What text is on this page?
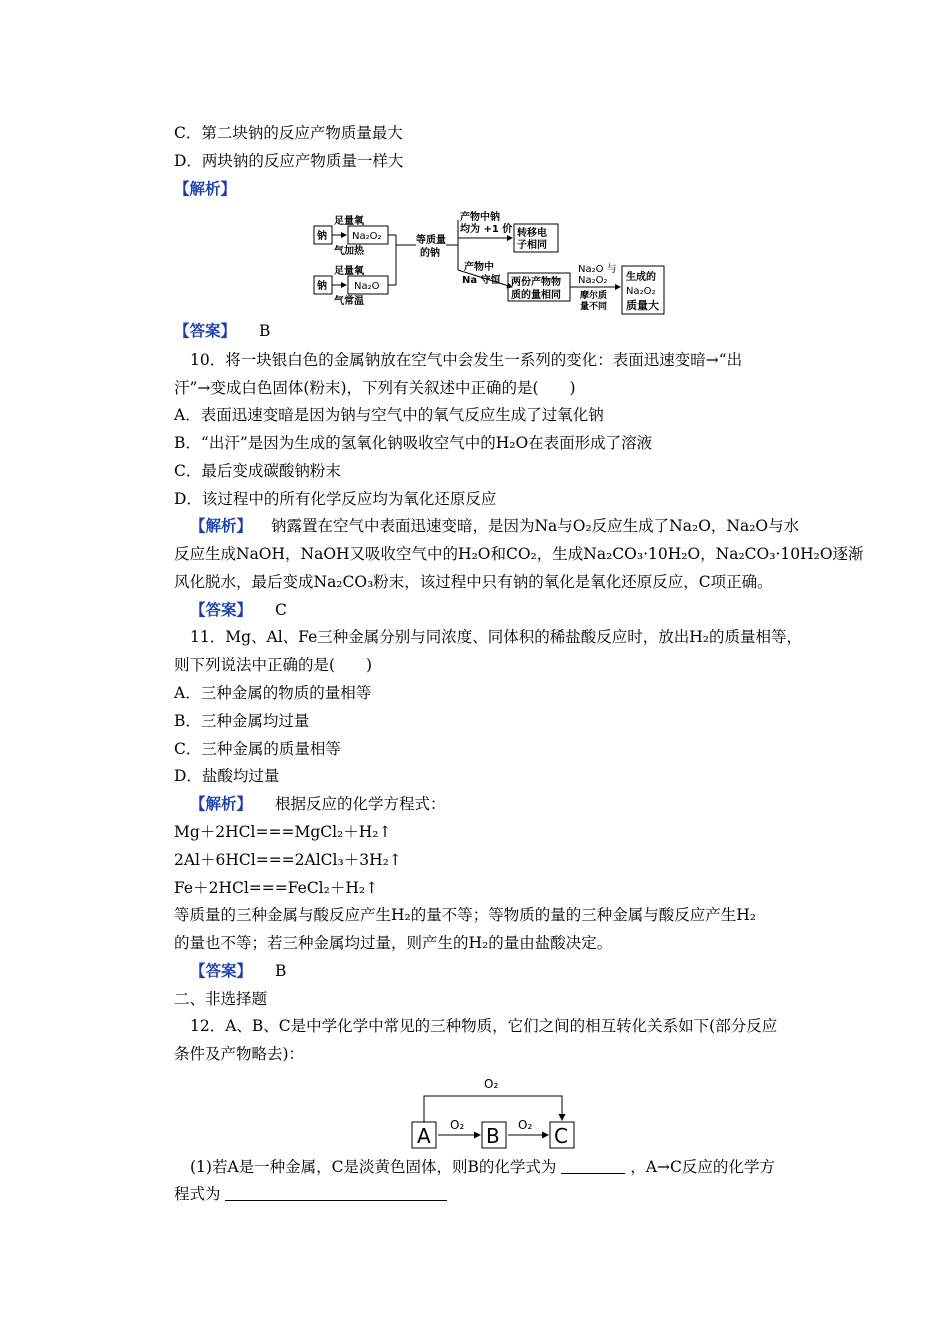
C．第二块钠的反应产物质量最大
D．两块钠的反应产物质量一样大
【解析】
钠
钠
足量氧
气加热
足量氧
气常温
Na₂O₂
Na₂O
等质量
的钠
产物中钠
均为 +1 价 转移电
子相同
产物中
Na 守恒 两份产物物
质的量相同
Na₂O 与
Na₂O₂
摩尔质
量不同
生成的
Na₂O₂
质量大
【答案】 B
10．将一块银白色的金属钠放在空气中会发生一系列的变化：表面迅速变暗→“出
汗”→变成白色固体(粉末)，下列有关叙述中正确的是(　　)
A．表面迅速变暗是因为钠与空气中的氧气反应生成了过氧化钠
B．“出汗”是因为生成的氢氧化钠吸收空气中的H₂O在表面形成了溶液
C．最后变成碳酸钠粉末
D．该过程中的所有化学反应均为氧化还原反应
【解析】 钠露置在空气中表面迅速变暗，是因为Na与O₂反应生成了Na₂O，Na₂O与水
反应生成NaOH，NaOH又吸收空气中的H₂O和CO₂，生成Na₂CO₃·10H₂O，Na₂CO₃·10H₂O逐渐
风化脱水，最后变成Na₂CO₃粉末，该过程中只有钠的氧化是氧化还原反应，C项正确。
【答案】 C
11．Mg、Al、Fe三种金属分别与同浓度、同体积的稀盐酸反应时，放出H₂的质量相等，
则下列说法中正确的是(　　)
A．三种金属的物质的量相等
B．三种金属均过量
C．三种金属的质量相等
D．盐酸均过量
【解析】 根据反应的化学方程式：
Mg＋2HCl===MgCl₂＋H₂↑
2Al＋6HCl===2AlCl₃＋3H₂↑
Fe＋2HCl===FeCl₂＋H₂↑
等质量的三种金属与酸反应产生H₂的量不等；等物质的量的三种金属与酸反应产生H₂
的量也不等；若三种金属均过量，则产生的H₂的量由盐酸决定。
【答案】 B
二、非选择题
12．A、B、C是中学化学中常见的三种物质，它们之间的相互转化关系如下(部分反应
条件及产物略去)：
A	B	C
O₂
O₂	O₂
(1)若A是一种金属，C是淡黄色固体，则B的化学式为	，A→C反应的化学方
程式为
